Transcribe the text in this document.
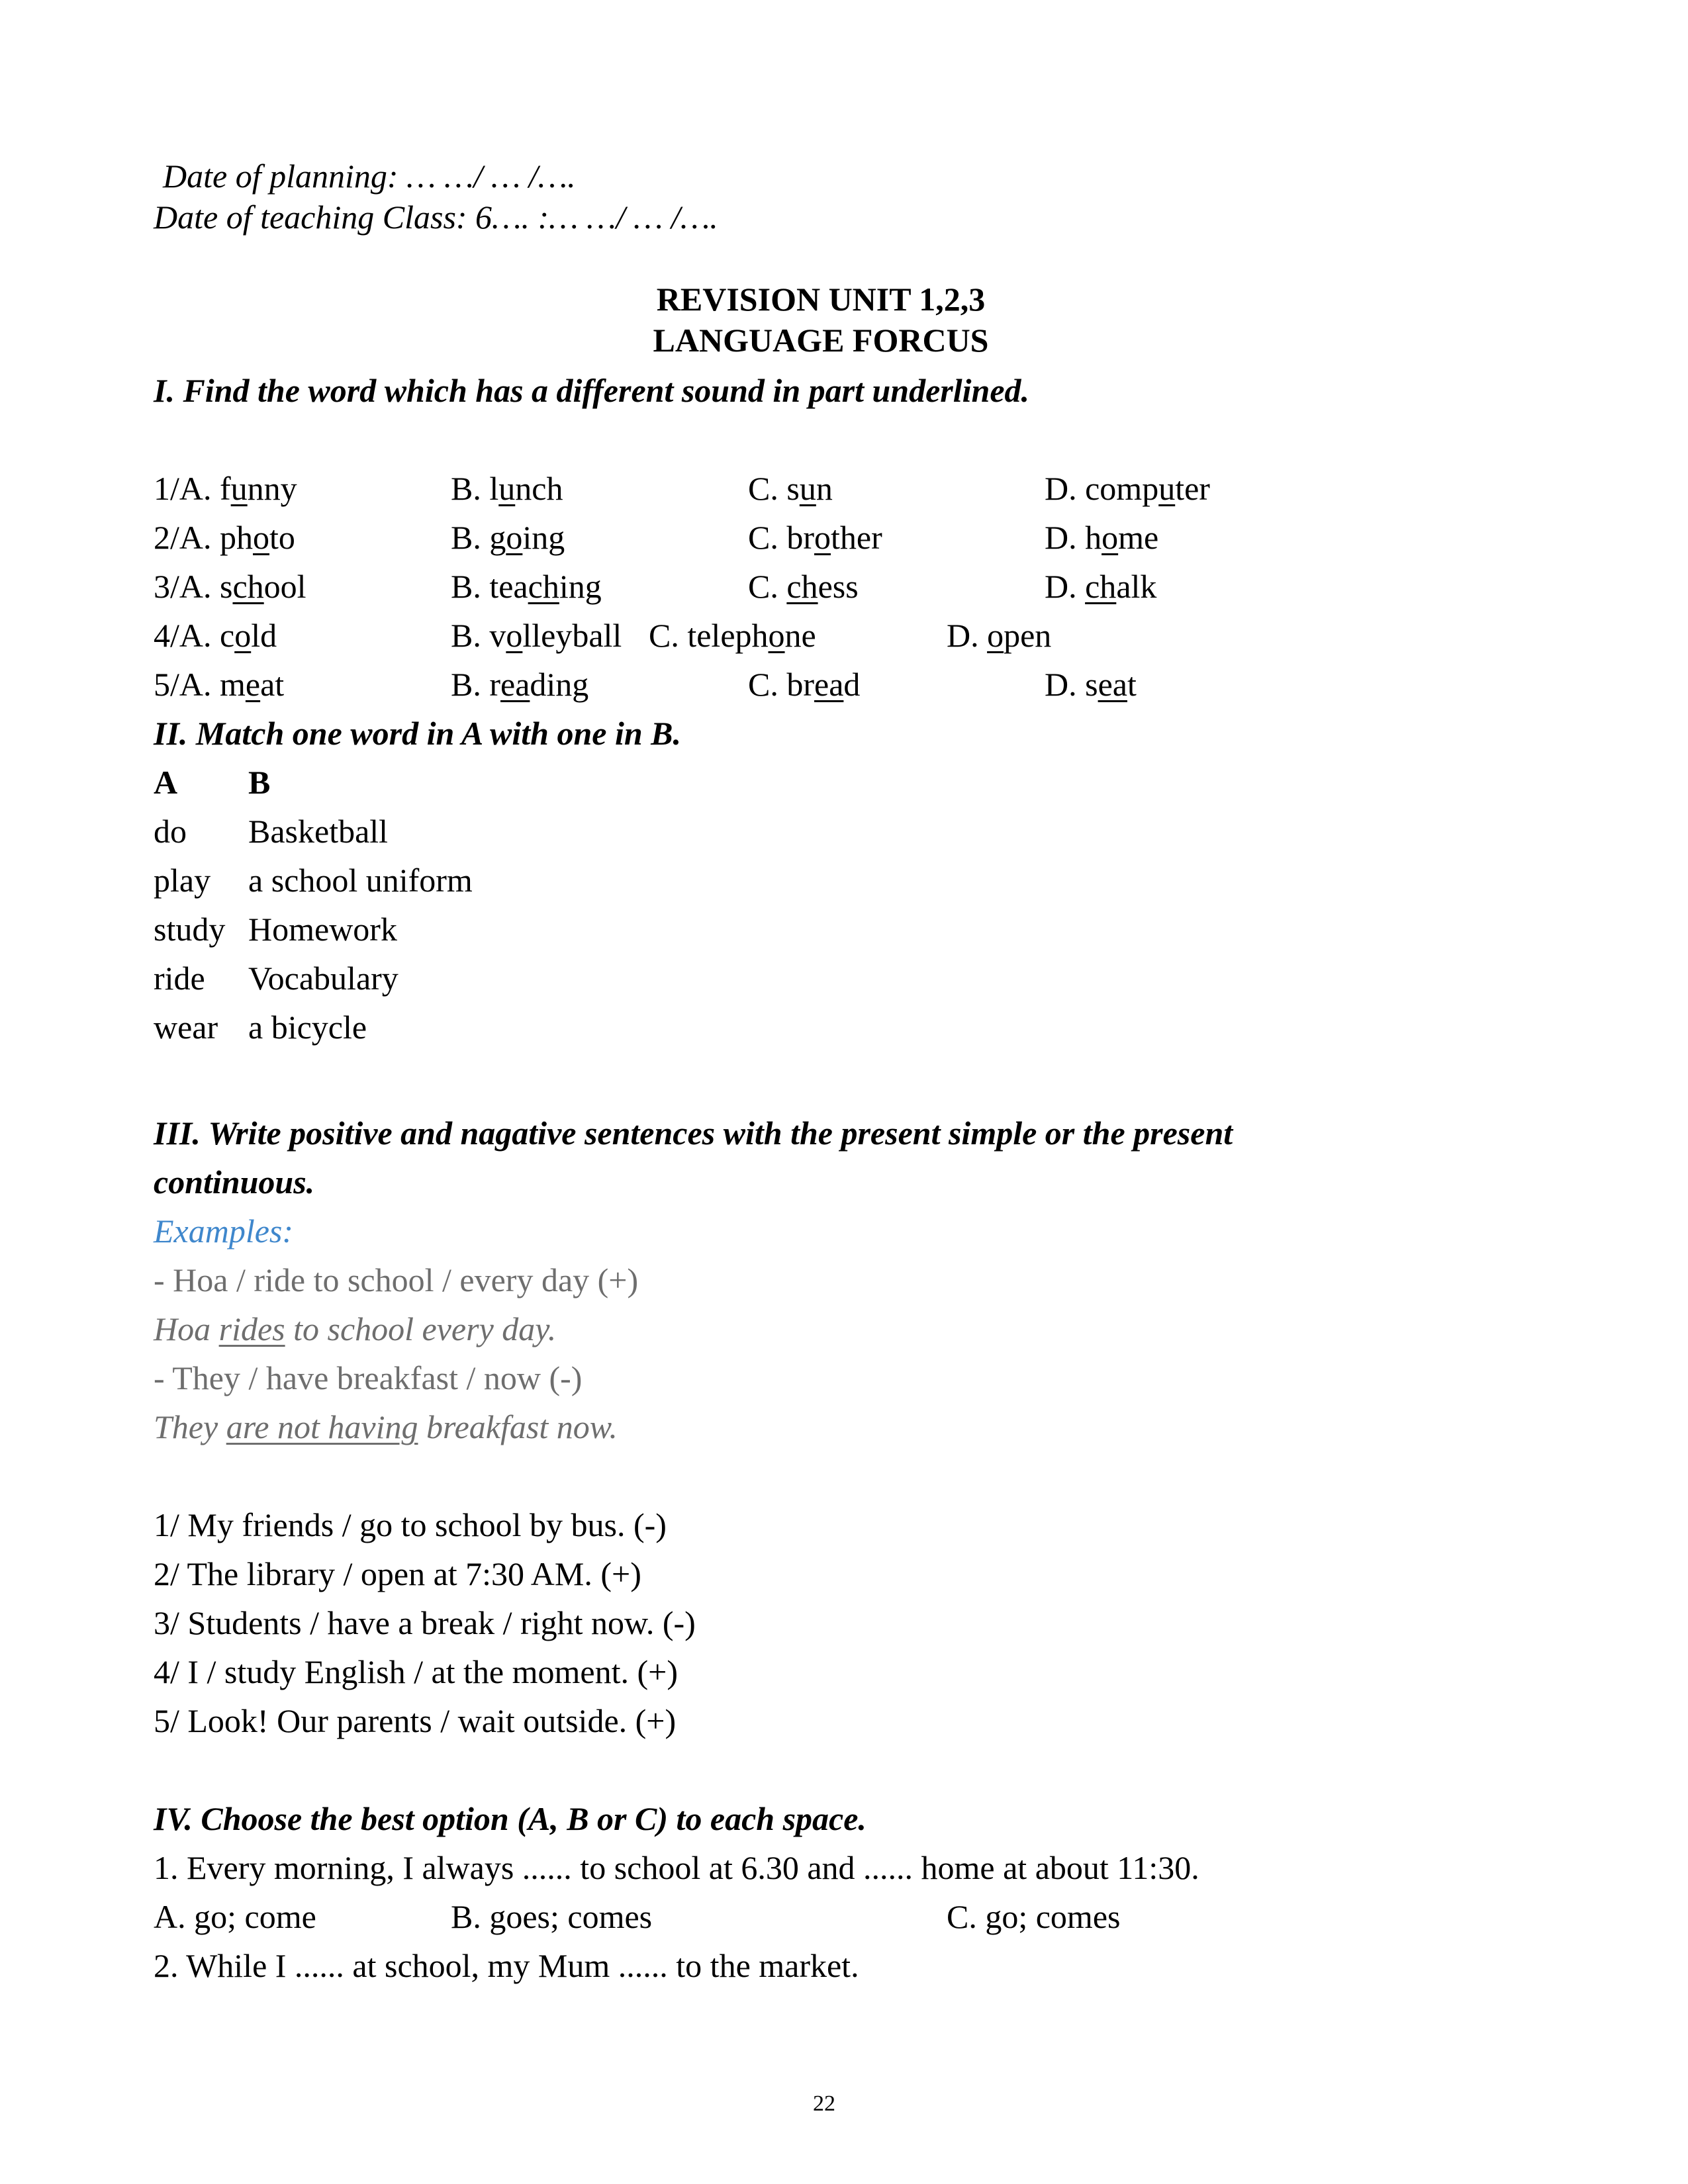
Date of planning: … …/ … /….
Date of teaching Class: 6…. :… …/ … /….
REVISION UNIT 1,2,3
LANGUAGE FORCUS
I. Find the word which has a different sound in part underlined.
1/A. funny	B. lunch	C. sun	D. computer
2/A. photo	B. going	C. brother	D. home
3/A. school	B. teaching	C. chess	D. chalk
4/A. cold	B. volleyball C. telephone	D. open
5/A. meat	B. reading	C. bread	D. seat
II. Match one word in A with one in B.
A B
do Basketball
play a school uniform
study Homework
ride Vocabulary
wear a bicycle
III. Write positive and nagative sentences with the present simple or the present
continuous.
Examples:
- Hoa / ride to school / every day (+)
Hoa rides to school every day.
- They / have breakfast / now (-)
They are not having breakfast now.
1/ My friends / go to school by bus. (-)
2/ The library / open at 7:30 AM. (+)
3/ Students / have a break / right now. (-)
4/ I / study English / at the moment. (+)
5/ Look! Our parents / wait outside. (+)
IV. Choose the best option (A, B or C) to each space.
1. Every morning, I always ...... to school at 6.30 and ...... home at about 11:30.
A. go; come	B. goes; comes	C. go; comes
2. While I ...... at school, my Mum ...... to the market.
22
